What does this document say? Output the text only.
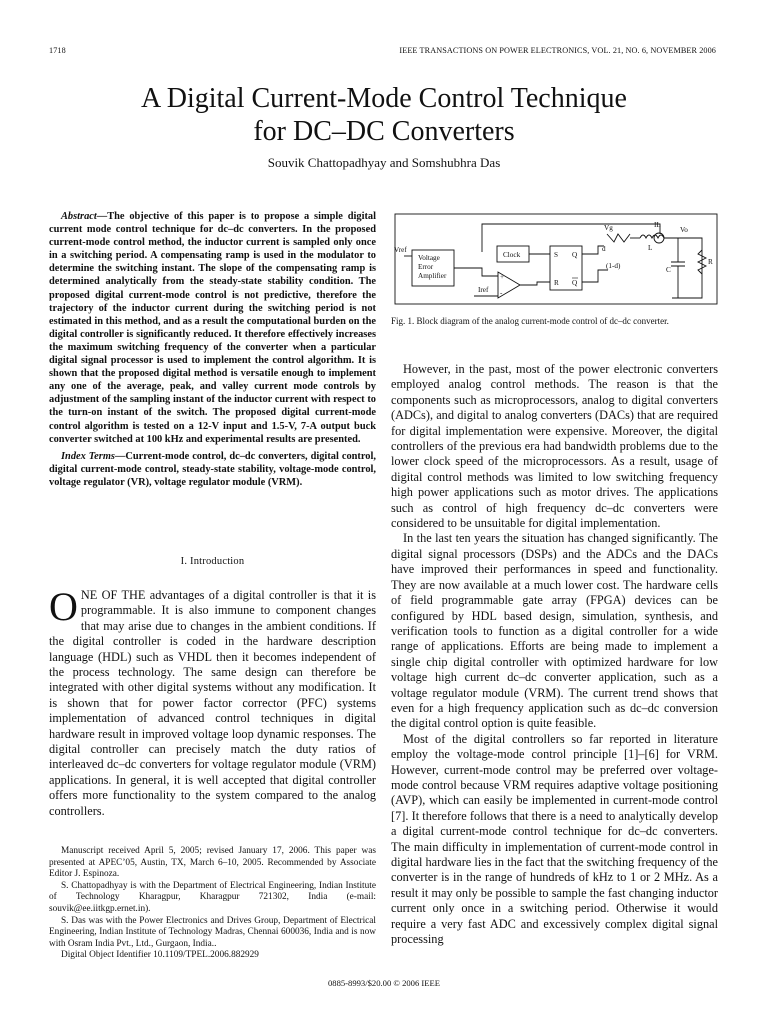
1718	IEEE TRANSACTIONS ON POWER ELECTRONICS, VOL. 21, NO. 6, NOVEMBER 2006
A Digital Current-Mode Control Technique
for DC–DC Converters
Souvik Chattopadhyay and Somshubhra Das

Abstract—The objective of this paper is to propose a simple digital current mode control technique for dc–dc converters. In the proposed current-mode control method, the inductor current is sampled only once in a switching period. A compensating ramp is used in the modulator to determine the switching instant. The slope of the compensating ramp is determined analytically from the steady-state stability condition. The proposed digital current-mode control is not predictive, therefore the trajectory of the inductor current during the switching period is not estimated in this method, and as a result the computational burden on the digital controller is significantly reduced. It therefore effectively increases the maximum switching frequency of the converter when a particular digital signal processor is used to implement the control algorithm. It is shown that the proposed digital method is versatile enough to implement any one of the average, peak, and valley current mode controls by adjustment of the sampling instant of the inductor current with respect to the turn-on instant of the switch. The proposed digital current-mode control algorithm is tested on a 12-V input and 1.5-V, 7-A output buck converter switched at 100 kHz and experimental results are presented.

Index Terms—Current-mode control, dc–dc converters, digital control, digital current-mode control, steady-state stability, voltage-mode control, voltage regulator (VR), voltage regulator module (VRM).

I. Introduction

ONE OF THE advantages of a digital controller is that it is programmable. It is also immune to component changes that may arise due to changes in the ambient conditions. If the digital controller is coded in the hardware description language (HDL) such as VHDL then it becomes independent of the process technology. The same design can therefore be integrated with other digital systems without any modification. It is shown that for power factor corrector (PFC) systems implementation of advanced control techniques in digital hardware result in improved voltage loop dynamic responses. The digital controller can precisely match the duty ratios of interleaved dc–dc converters for voltage regulator module (VRM) applications. In general, it is well accepted that digital controller offers more functionality to the system compared to the analog controllers.

Manuscript received April 5, 2005; revised January 17, 2006. This paper was presented at APEC’05, Austin, TX, March 6–10, 2005. Recommended by Associate Editor J. Espinoza.

S. Chattopadhyay is with the Department of Electrical Engineering, Indian Institute of Technology Kharagpur, Kharagpur 721302, India (e-mail: souvik@ee.iitkgp.ernet.in).

S. Das was with the Power Electronics and Drives Group, Department of Electrical Engineering, Indian Institute of Technology Madras, Chennai 600036, India and is now with Osram India Pvt., Ltd., Gurgaon, India..

Digital Object Identifier 10.1109/TPEL.2006.882929

Vref
Voltage
Error
Amplifier
Clock	S
R
Q
Q
+
-
Iref
Vg
d
(1-d)
IL
L
Vo
C
R
Fig. 1. Block diagram of the analog current-mode control of dc–dc converter.

However, in the past, most of the power electronic converters employed analog control methods. The reason is that the components such as microprocessors, analog to digital converters (ADCs), and digital to analog converters (DACs) that are required for digital implementation were expensive. Moreover, the digital controllers of the previous era had bandwidth problems due to the lower clock speed of the microprocessors. As a result, usage of digital control methods was limited to low switching frequency high power applications such as motor drives. The applications such as control of high frequency dc–dc converters were considered to be unsuitable for digital implementation.

In the last ten years the situation has changed significantly. The digital signal processors (DSPs) and the ADCs and the DACs have improved their performances in speed and functionality. They are now available at a much lower cost. The hardware cells of field programmable gate array (FPGA) devices can be configured by HDL based design, simulation, synthesis, and verification tools to function as a digital controller for a wide range of applications. Efforts are being made to implement a single chip digital controller with optimized hardware for low voltage high current dc–dc converter application, such as a voltage regulator module (VRM). The current trend shows that even for a high frequency application such as dc–dc conversion the digital control option is quite feasible.

Most of the digital controllers so far reported in literature employ the voltage-mode control principle [1]–[6] for VRM. However, current-mode control may be preferred over voltage-mode control because VRM requires adaptive voltage positioning (AVP), which can easily be implemented in current-mode control [7]. It therefore follows that there is a need to analytically develop a digital current-mode control technique for dc–dc converters. The main difficulty in implementation of current-mode control in digital hardware lies in the fact that the switching frequency of the converter is in the range of hundreds of kHz to 1 or 2 MHz. As a result it may only be possible to sample the fast changing inductor current only once in a switching period. Otherwise it would require a very fast ADC and excessively complex digital signal processing

0885-8993/$20.00 © 2006 IEEE
